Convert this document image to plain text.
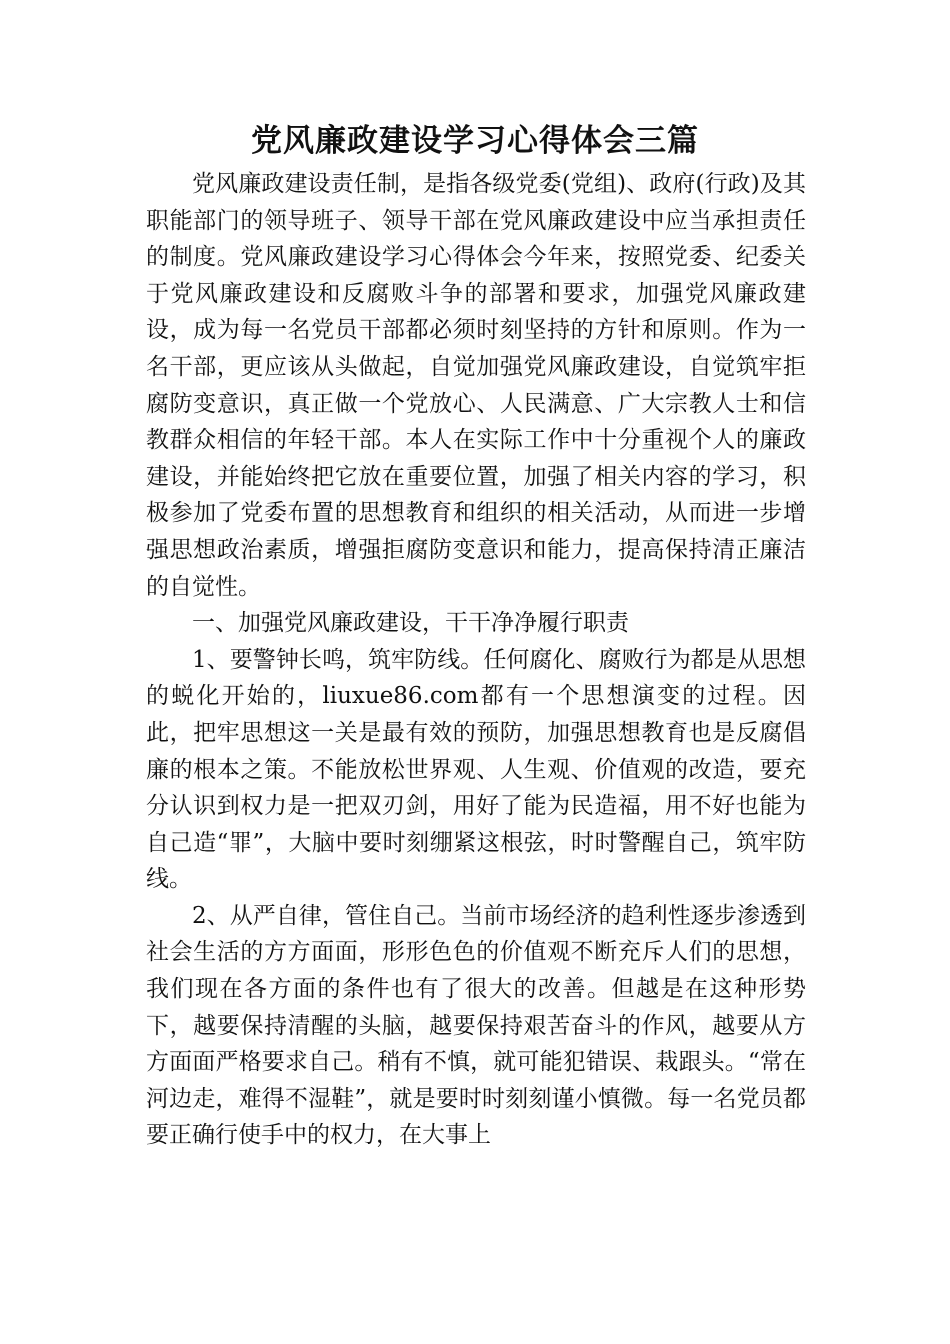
党风廉政建设学习心得体会三篇

党风廉政建设责任制，是指各级党委(党组)、政府(行政)及其职能部门的领导班子、领导干部在党风廉政建设中应当承担责任的制度。党风廉政建设学习心得体会今年来，按照党委、纪委关于党风廉政建设和反腐败斗争的部署和要求，加强党风廉政建设，成为每一名党员干部都必须时刻坚持的方针和原则。作为一名干部，更应该从头做起，自觉加强党风廉政建设，自觉筑牢拒腐防变意识，真正做一个党放心、人民满意、广大宗教人士和信教群众相信的年轻干部。本人在实际工作中十分重视个人的廉政建设，并能始终把它放在重要位置，加强了相关内容的学习，积极参加了党委布置的思想教育和组织的相关活动，从而进一步增强思想政治素质，增强拒腐防变意识和能力，提高保持清正廉洁的自觉性。

一、加强党风廉政建设，干干净净履行职责

1、要警钟长鸣，筑牢防线。任何腐化、腐败行为都是从思想的蜕化开始的，liuxue86.com都有一个思想演变的过程。因此，把牢思想这一关是最有效的预防，加强思想教育也是反腐倡廉的根本之策。不能放松世界观、人生观、价值观的改造，要充分认识到权力是一把双刃剑，用好了能为民造福，用不好也能为自己造“罪”，大脑中要时刻绷紧这根弦，时时警醒自己，筑牢防线。

2、从严自律，管住自己。当前市场经济的趋利性逐步渗透到社会生活的方方面面，形形色色的价值观不断充斥人们的思想，我们现在各方面的条件也有了很大的改善。但越是在这种形势下，越要保持清醒的头脑，越要保持艰苦奋斗的作风，越要从方方面面严格要求自己。稍有不慎，就可能犯错误、栽跟头。“常在河边走，难得不湿鞋”，就是要时时刻刻谨小慎微。每一名党员都要正确行使手中的权力，在大事上
